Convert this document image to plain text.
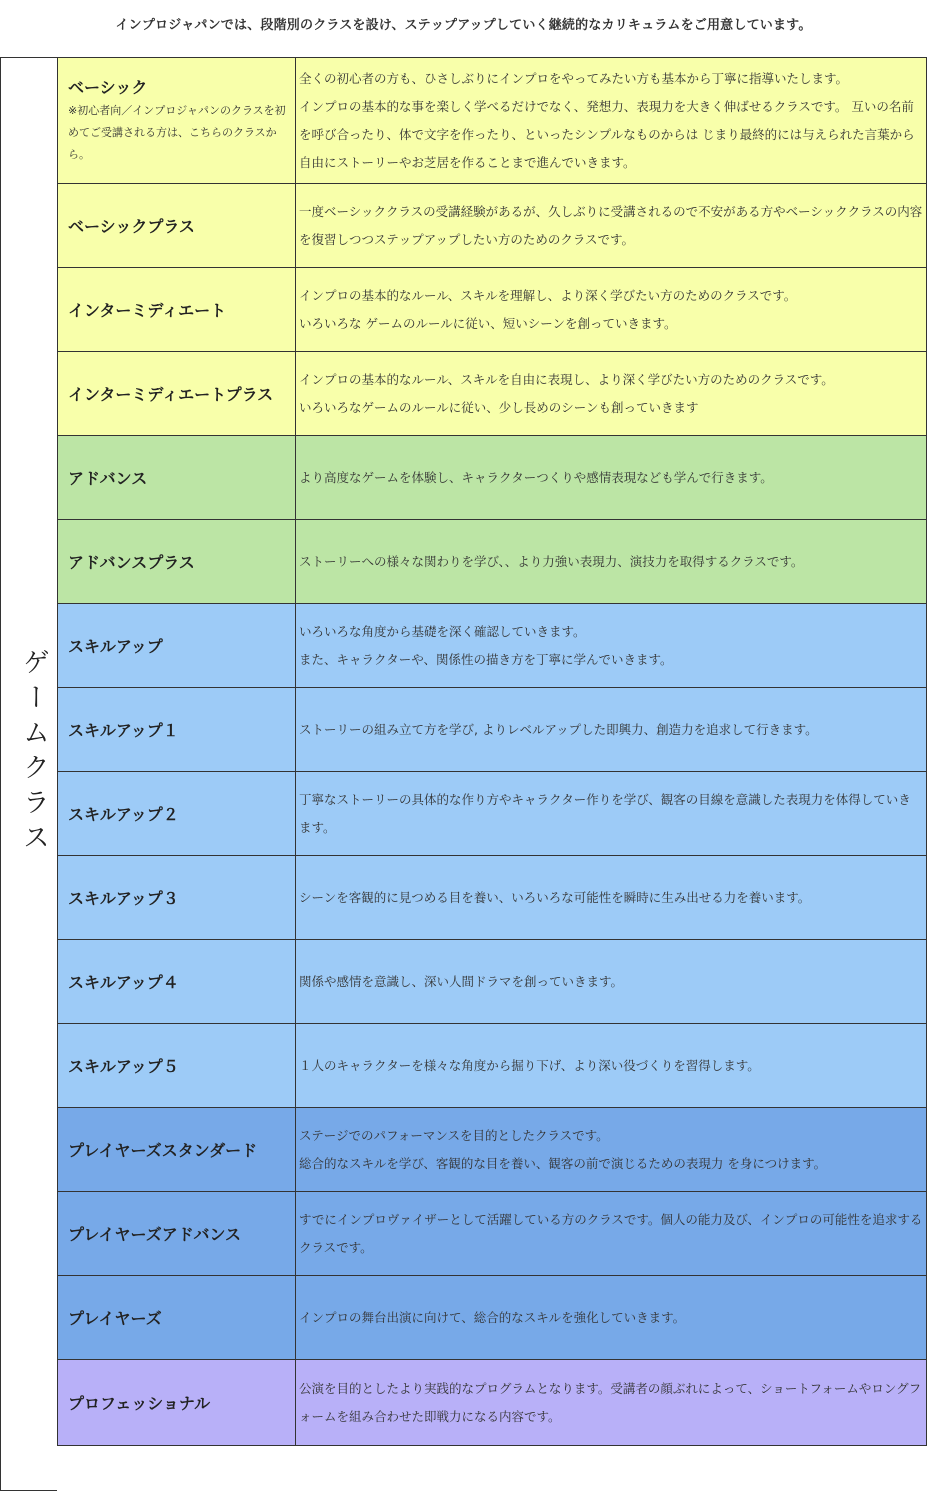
インプロジャパンでは、段階別のクラスを設け、ステップアップしていく継続的なカリキュラムをご用意しています。
ゲームクラス
ベーシック
※初心者向／インプロジャパンのクラスを初めてご受講される方は、こちらのクラスから。	全くの初心者の方も、ひさしぶりにインプロをやってみたい方も基本から丁寧に指導いたします。
インプロの基本的な事を楽しく学べるだけでなく、発想力、表現力を大きく伸ばせるクラスです。 互いの名前を呼び合ったり、体で文字を作ったり、といったシンプルなものからは じまり最終的には与えられた言葉から自由にストーリーやお芝居を作ることまで進んでいきます。

ベーシックプラス	一度ベーシッククラスの受講経験があるが、久しぶりに受講されるので不安がある方やベーシッククラスの内容を復習しつつステップアップしたい方のためのクラスです。

インターミディエート	インプロの基本的なルール、スキルを理解し、より深く学びたい方のためのクラスです。
いろいろな ゲームのルールに従い、短いシーンを創っていきます。

インターミディエートプラス	インプロの基本的なルール、スキルを自由に表現し、より深く学びたい方のためのクラスです。
いろいろなゲームのルールに従い、少し長めのシーンも創っていきます

アドバンス	より高度なゲームを体験し、キャラクターつくりや感情表現なども学んで行きます。

アドバンスプラス	ストーリーへの様々な関わりを学び、、より力強い表現力、演技力を取得するクラスです。

スキルアップ	いろいろな角度から基礎を深く確認していきます。
また、キャラクターや、関係性の描き方を丁寧に学んでいきます。

スキルアップ１	ストーリーの組み立て方を学び, よりレベルアップした即興力、創造力を追求して行きます。

スキルアップ２	丁寧なストーリーの具体的な作り方やキャラクター作りを学び、観客の目線を意識した表現力を体得していきます。

スキルアップ３	シーンを客観的に見つめる目を養い、いろいろな可能性を瞬時に生み出せる力を養います。

スキルアップ４	関係や感情を意識し、深い人間ドラマを創っていきます。

スキルアップ５	１人のキャラクターを様々な角度から掘り下げ、より深い役づくりを習得します。

プレイヤーズスタンダード	ステージでのパフォーマンスを目的としたクラスです。
総合的なスキルを学び、客観的な目を養い、観客の前で演じるための表現力 を身につけます。

プレイヤーズアドバンス	すでにインプロヴァイザーとして活躍している方のクラスです。個人の能力及び、インプロの可能性を追求するクラスです。

プレイヤーズ	インプロの舞台出演に向けて、総合的なスキルを強化していきます。

プロフェッショナル	公演を目的としたより実践的なプログラムとなります。受講者の顔ぶれによって、ショートフォームやロングフォームを組み合わせた即戦力になる内容です。
